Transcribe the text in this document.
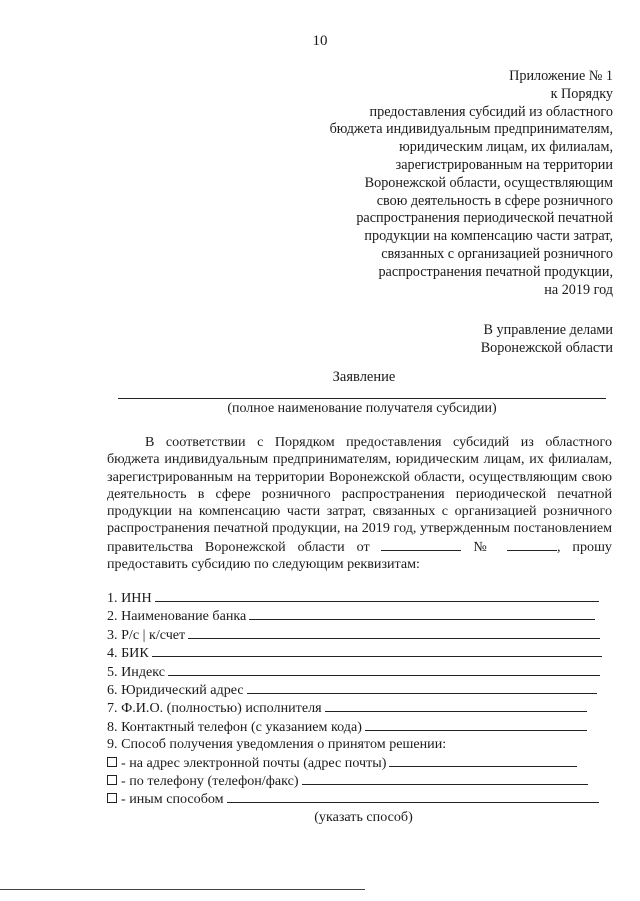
10
Приложение № 1
к Порядку
предоставления субсидий из областного
бюджета индивидуальным предпринимателям,
юридическим лицам, их филиалам,
зарегистрированным на территории
Воронежской области, осуществляющим
свою деятельность в сфере розничного
распространения периодической печатной
продукции на компенсацию части затрат,
связанных с организацией розничного
распространения печатной продукции,
на 2019 год
В управление делами
Воронежской области
Заявление
(полное наименование получателя субсидии)
В соответствии с Порядком предоставления субсидий из областного бюджета индивидуальным предпринимателям, юридическим лицам, их филиалам, зарегистрированным на территории Воронежской области, осуществляющим свою деятельность в сфере розничного распространения периодической печатной продукции на компенсацию части затрат, связанных с организацией розничного распространения печатной продукции, на 2019 год, утвержденным постановлением правительства Воронежской области от	№	, прошу предоставить субсидию по следующим реквизитам:
1. ИНН
2. Наименование банка
3. Р/с | к/счет
4. БИК
5. Индекс
6. Юридический адрес
7. Ф.И.О. (полностью) исполнителя
8. Контактный телефон (с указанием кода)
9. Способ получения уведомления о принятом решении:
- на адрес электронной почты (адрес почты)
- по телефону (телефон/факс)
- иным способом
(указать способ)
